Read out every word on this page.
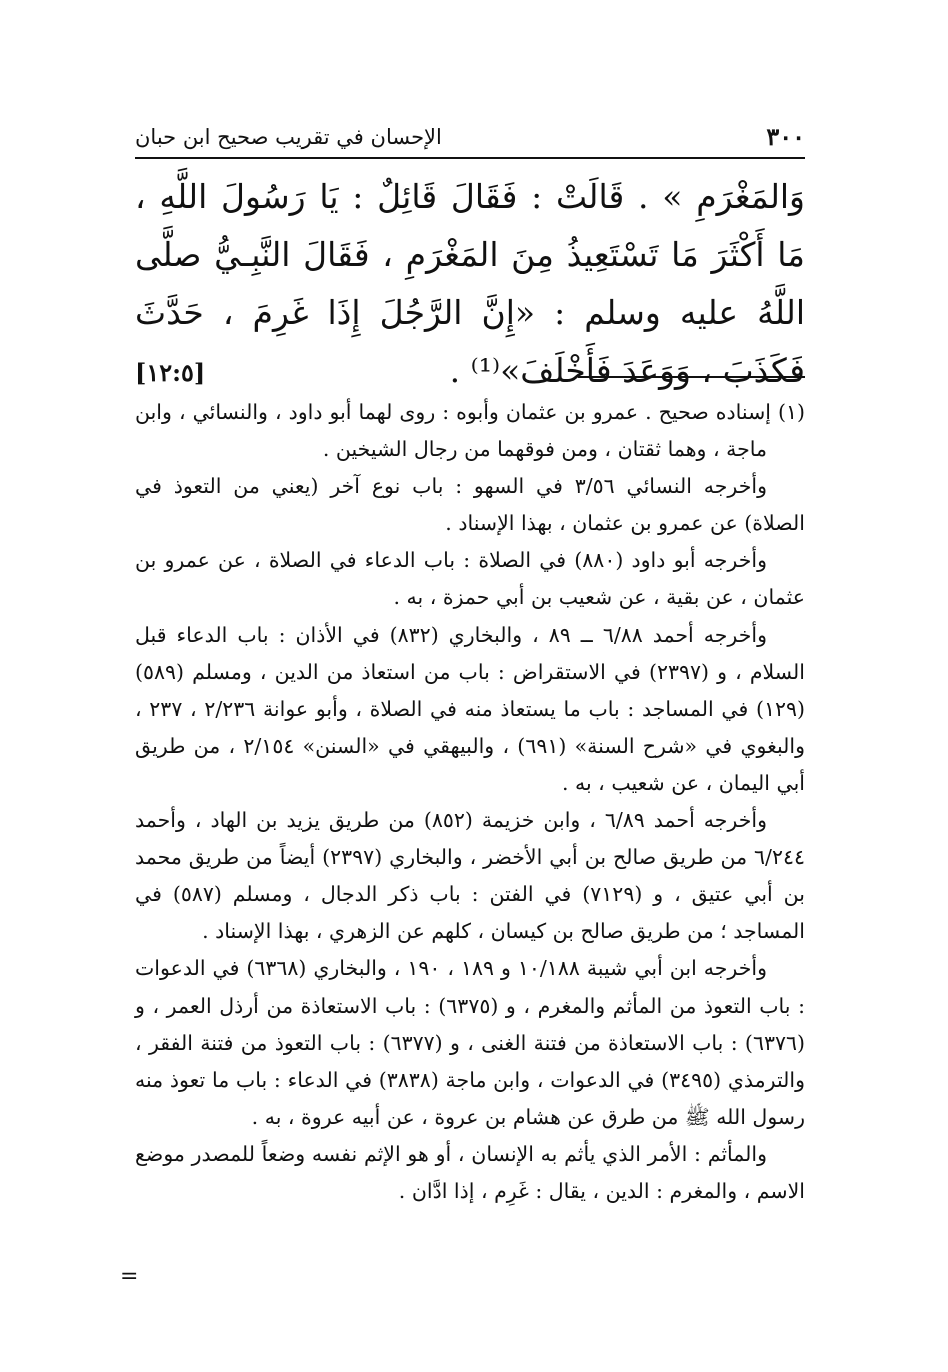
٣٠٠
الإحسان في تقريب صحيح ابن حبان

وَالمَغْرَمِ » . قَالَتْ : فَقَالَ قَائِلٌ : يَا رَسُولَ اللَّهِ ، مَا أَكْثَرَ مَا تَسْتَعِيذُ مِنَ المَغْرَمِ ، فَقَالَ النَّبِـيُّ صلَّى اللَّهُ عليه وسلم : «إِنَّ الرَّجُلَ إِذَا غَرِمَ ، حَدَّثَ فَكَذَبَ ، وَوَعَدَ فَأَخْلَفَ»⁽¹⁾ .
[١٢:٥]

(١) إسناده صحيح . عمرو بن عثمان وأبوه : روى لهما أبو داود ، والنسائي ، وابن ماجة ، وهما ثقتان ، ومن فوقهما من رجال الشيخين .

وأخرجه النسائي ٣/٥٦ في السهو : باب نوع آخر (يعني من التعوذ في الصلاة) عن عمرو بن عثمان ، بهذا الإسناد .

وأخرجه أبو داود (٨٨٠) في الصلاة : باب الدعاء في الصلاة ، عن عمرو بن عثمان ، عن بقية ، عن شعيب بن أبي حمزة ، به .

وأخرجه أحمد ٦/٨٨ ــ ٨٩ ، والبخاري (٨٣٢) في الأذان : باب الدعاء قبل السلام ، و (٢٣٩٧) في الاستقراض : باب من استعاذ من الدين ، ومسلم (٥٨٩)(١٢٩) في المساجد : باب ما يستعاذ منه في الصلاة ، وأبو عوانة ٢/٢٣٦ ، ٢٣٧ ، والبغوي في «شرح السنة» (٦٩١) ، والبيهقي في «السنن» ٢/١٥٤ ، من طريق أبي اليمان ، عن شعيب ، به .

وأخرجه أحمد ٦/٨٩ ، وابن خزيمة (٨٥٢) من طريق يزيد بن الهاد ، وأحمد ٦/٢٤٤ من طريق صالح بن أبي الأخضر ، والبخاري (٢٣٩٧) أيضاً من طريق محمد بن أبي عتيق ، و (٧١٢٩) في الفتن : باب ذكر الدجال ، ومسلم (٥٨٧) في المساجد ؛ من طريق صالح بن كيسان ، كلهم عن الزهري ، بهذا الإسناد .

وأخرجه ابن أبي شيبة ١٠/١٨٨ و ١٨٩ ، ١٩٠ ، والبخاري (٦٣٦٨) في الدعوات : باب التعوذ من المأثم والمغرم ، و (٦٣٧٥) : باب الاستعاذة من أرذل العمر ، و (٦٣٧٦) : باب الاستعاذة من فتنة الغنى ، و (٦٣٧٧) : باب التعوذ من فتنة الفقر ، والترمذي (٣٤٩٥) في الدعوات ، وابن ماجة (٣٨٣٨) في الدعاء : باب ما تعوذ منه رسول الله ﷺ من طرق عن هشام بن عروة ، عن أبيه عروة ، به .

والمأثم : الأمر الذي يأثم به الإنسان ، أو هو الإثم نفسه وضعاً للمصدر موضع الاسم ، والمغرم : الدين ، يقال : غَرِم ، إذا ادَّان .

=
